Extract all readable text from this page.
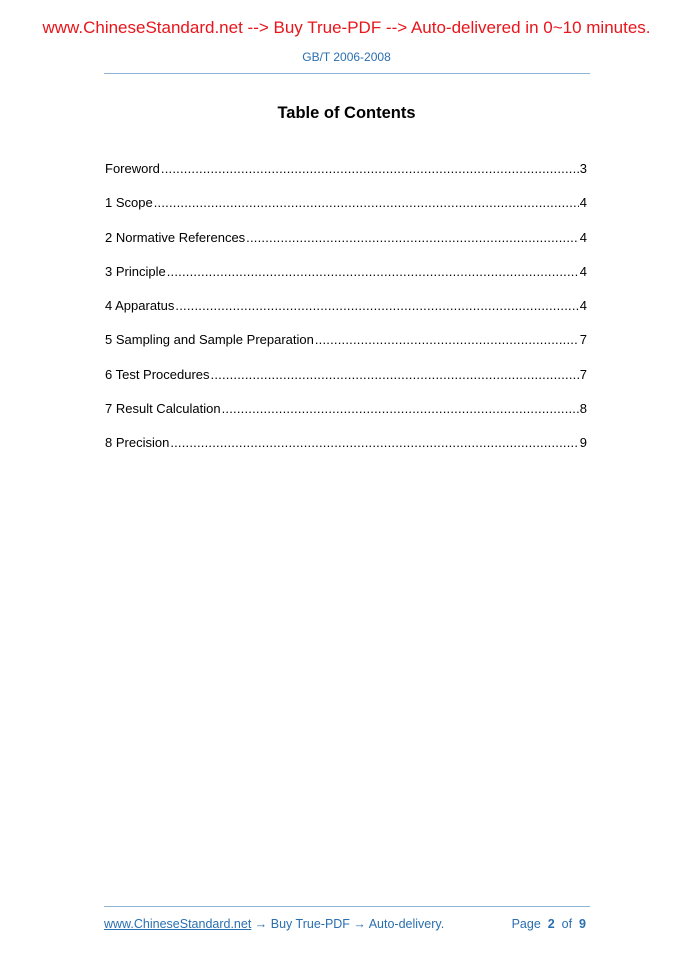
www.ChineseStandard.net --> Buy True-PDF --> Auto-delivered in 0~10 minutes.
GB/T 2006-2008
Table of Contents
Foreword .....	3
1 Scope .....	4
2 Normative References .....	4
3 Principle .....	4
4 Apparatus .....	4
5 Sampling and Sample Preparation .....	7
6 Test Procedures .....	7
7 Result Calculation .....	8
8 Precision .....	9
www.ChineseStandard.net → Buy True-PDF → Auto-delivery.	Page 2 of 9
